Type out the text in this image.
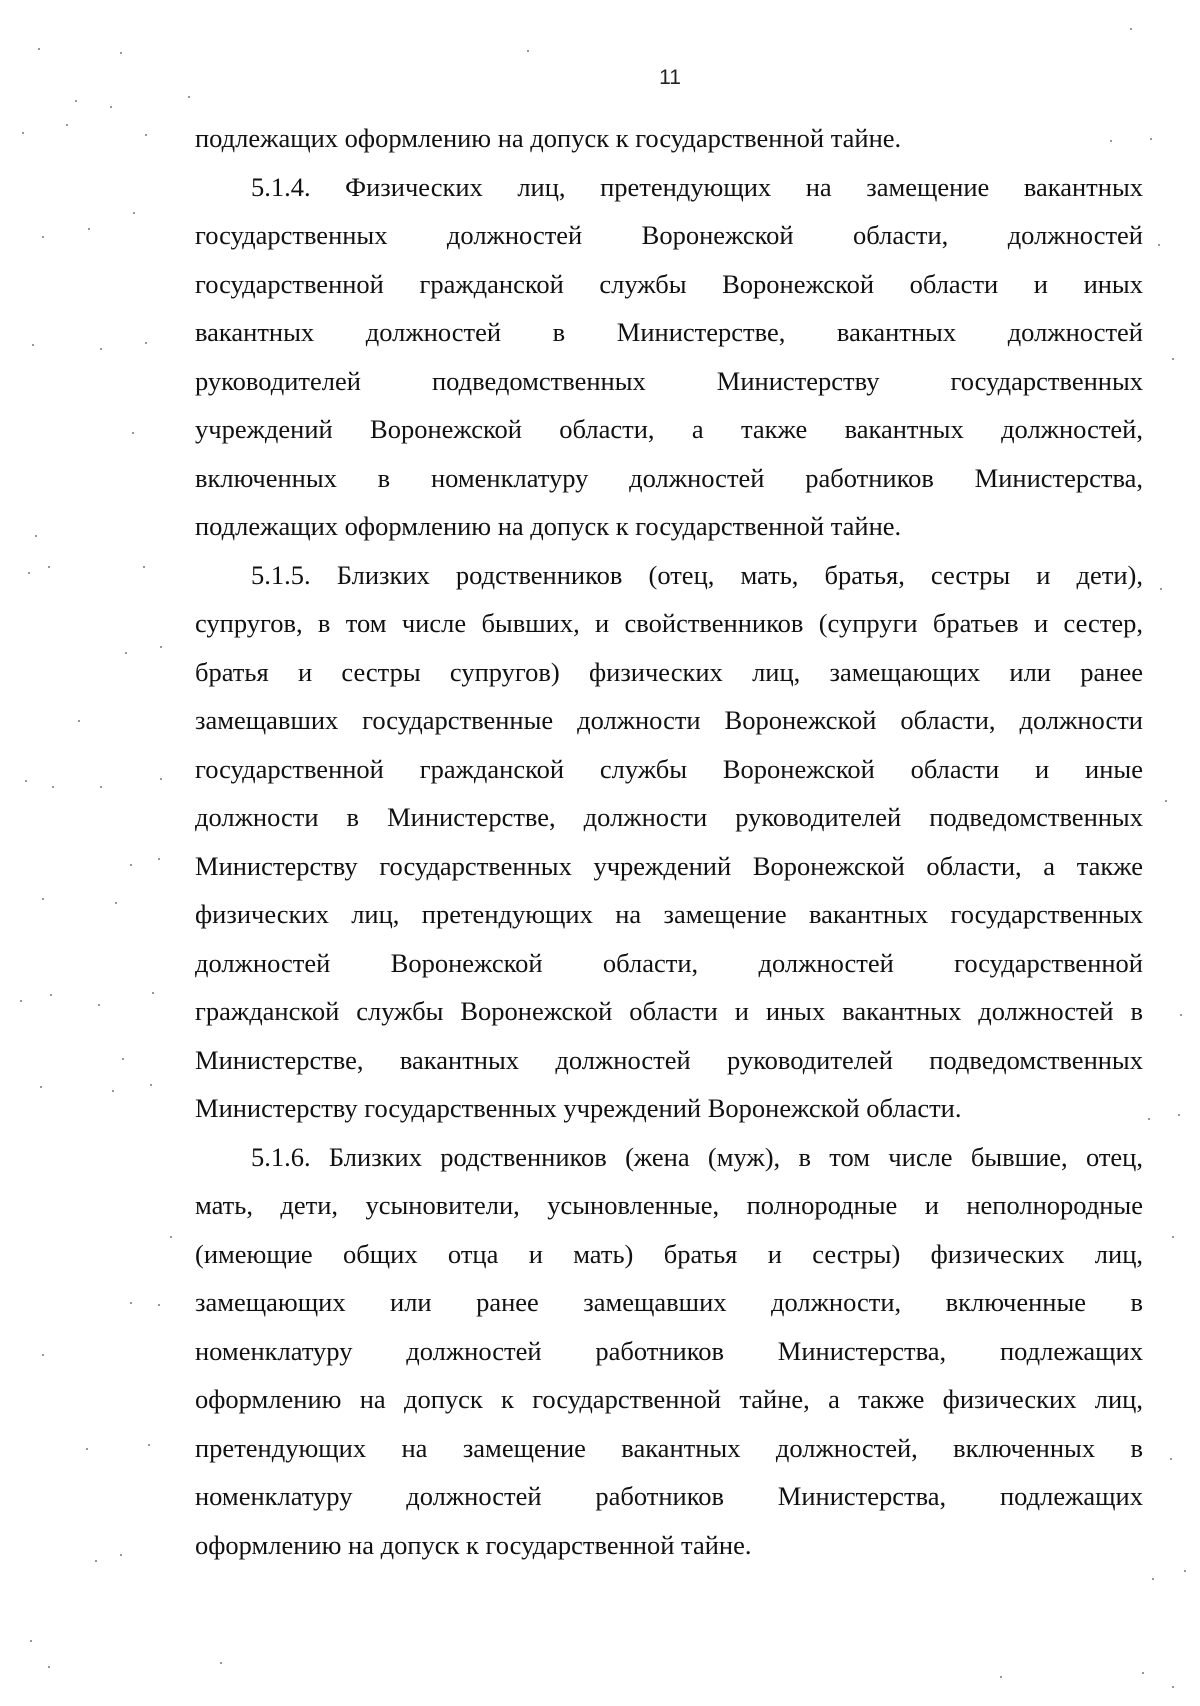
11
подлежащих оформлению на допуск к государственной тайне.
5.1.4. Физических лиц, претендующих на замещение вакантных
государственных должностей Воронежской области, должностей
государственной гражданской службы Воронежской области и иных
вакантных должностей в Министерстве, вакантных должностей
руководителей подведомственных Министерству государственных
учреждений Воронежской области, а также вакантных должностей,
включенных в номенклатуру должностей работников Министерства,
подлежащих оформлению на допуск к государственной тайне.
5.1.5. Близких родственников (отец, мать, братья, сестры и дети),
супругов, в том числе бывших, и свойственников (супруги братьев и сестер,
братья и сестры супругов) физических лиц, замещающих или ранее
замещавших государственные должности Воронежской области, должности
государственной гражданской службы Воронежской области и иные
должности в Министерстве, должности руководителей подведомственных
Министерству государственных учреждений Воронежской области, а также
физических лиц, претендующих на замещение вакантных государственных
должностей Воронежской области, должностей государственной
гражданской службы Воронежской области и иных вакантных должностей в
Министерстве, вакантных должностей руководителей подведомственных
Министерству государственных учреждений Воронежской области.
5.1.6. Близких родственников (жена (муж), в том числе бывшие, отец,
мать, дети, усыновители, усыновленные, полнородные и неполнородные
(имеющие общих отца и мать) братья и сестры) физических лиц,
замещающих или ранее замещавших должности, включенные в
номенклатуру должностей работников Министерства, подлежащих
оформлению на допуск к государственной тайне, а также физических лиц,
претендующих на замещение вакантных должностей, включенных в
номенклатуру должностей работников Министерства, подлежащих
оформлению на допуск к государственной тайне.
